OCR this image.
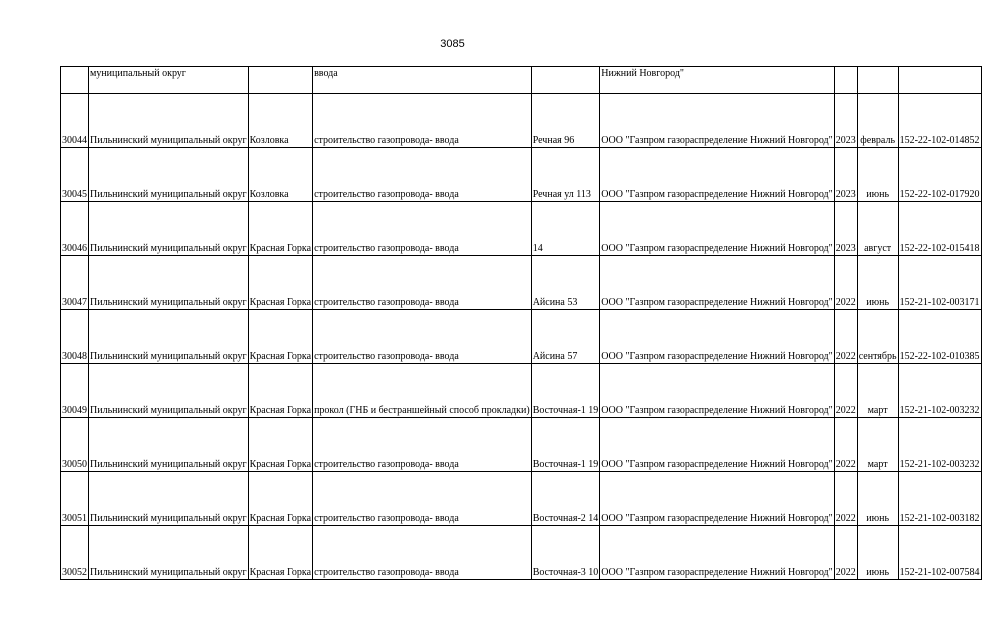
3085
	муниципальный округ		ввода		Нижний Новгород"			
30044	Пильнинский муниципальный округ	Козловка	строительство газопровода- ввода	Речная 96	ООО "Газпром газораспределение Нижний Новгород"	2023	февраль	152-22-102-014852
30045	Пильнинский муниципальный округ	Козловка	строительство газопровода- ввода	Речная ул 113	ООО "Газпром газораспределение Нижний Новгород"	2023	июнь	152-22-102-017920
30046	Пильнинский муниципальный округ	Красная Горка	строительство газопровода- ввода	14	ООО "Газпром газораспределение Нижний Новгород"	2023	август	152-22-102-015418
30047	Пильнинский муниципальный округ	Красная Горка	строительство газопровода- ввода	Айсина 53	ООО "Газпром газораспределение Нижний Новгород"	2022	июнь	152-21-102-003171
30048	Пильнинский муниципальный округ	Красная Горка	строительство газопровода- ввода	Айсина 57	ООО "Газпром газораспределение Нижний Новгород"	2022	сентябрь	152-22-102-010385
30049	Пильнинский муниципальный округ	Красная Горка	прокол (ГНБ и бестраншейный способ прокладки)	Восточная-1 19	ООО "Газпром газораспределение Нижний Новгород"	2022	март	152-21-102-003232
30050	Пильнинский муниципальный округ	Красная Горка	строительство газопровода- ввода	Восточная-1 19	ООО "Газпром газораспределение Нижний Новгород"	2022	март	152-21-102-003232
30051	Пильнинский муниципальный округ	Красная Горка	строительство газопровода- ввода	Восточная-2 14	ООО "Газпром газораспределение Нижний Новгород"	2022	июнь	152-21-102-003182
30052	Пильнинский муниципальный округ	Красная Горка	строительство газопровода- ввода	Восточная-3 10	ООО "Газпром газораспределение Нижний Новгород"	2022	июнь	152-21-102-007584
